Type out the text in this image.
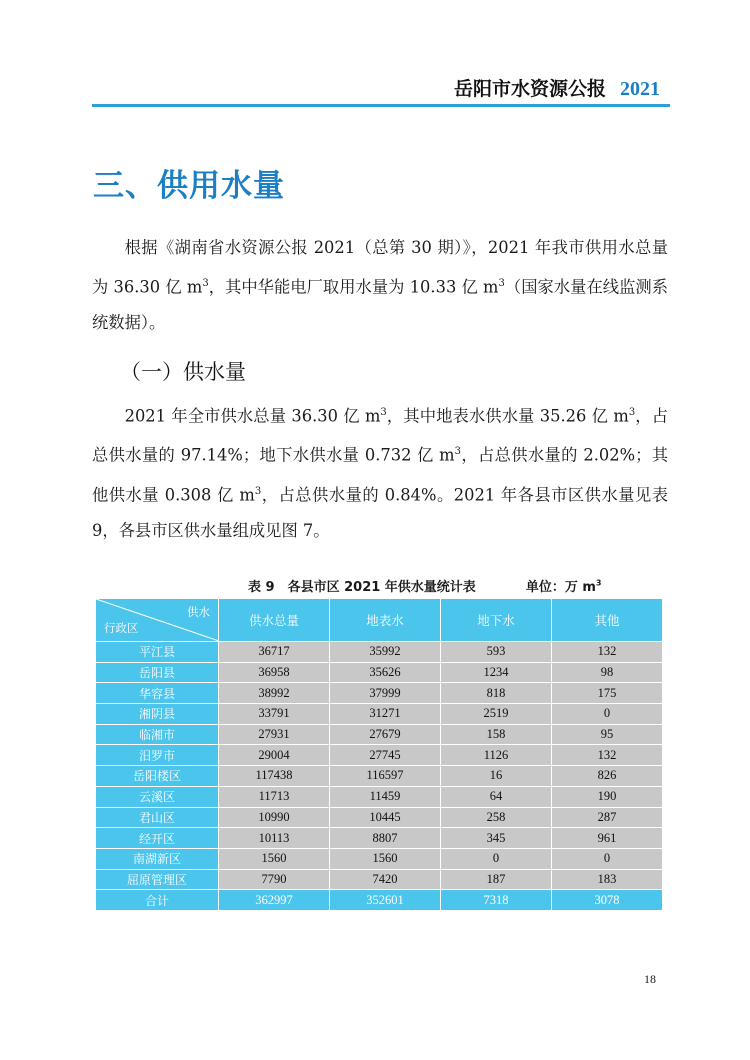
岳阳市水资源公报 2021
三、供用水量
根据《湖南省水资源公报 2021（总第 30 期）》，2021 年我市供用水总量为 36.30 亿 $m^3$，其中华能电厂取用水量为 10.33 亿 $m^3$（国家水量在线监测系统数据）。
（一）供水量
2021 年全市供水总量 36.30 亿 $m^3$，其中地表水供水量 35.26 亿 $m^3$，占总供水量的 97.14%；地下水供水量 0.732 亿 $m^3$，占总供水量的 2.02%；其他供水量 0.308 亿 $m^3$，占总供水量的 0.84%。2021 年各县市区供水量见表 9，各县市区供水量组成见图 7。
表 9　各县市区 2021 年供水量统计表	单位：万 $m^3$
供水
行政区	供水总量	地表水	地下水	其他
平江县	36717	35992	593	132
岳阳县	36958	35626	1234	98
华容县	38992	37999	818	175
湘阴县	33791	31271	2519	0
临湘市	27931	27679	158	95
汨罗市	29004	27745	1126	132
岳阳楼区	117438	116597	16	826
云溪区	11713	11459	64	190
君山区	10990	10445	258	287
经开区	10113	8807	345	961
南湖新区	1560	1560	0	0
屈原管理区	7790	7420	187	183
合计	362997	352601	7318	3078
18
